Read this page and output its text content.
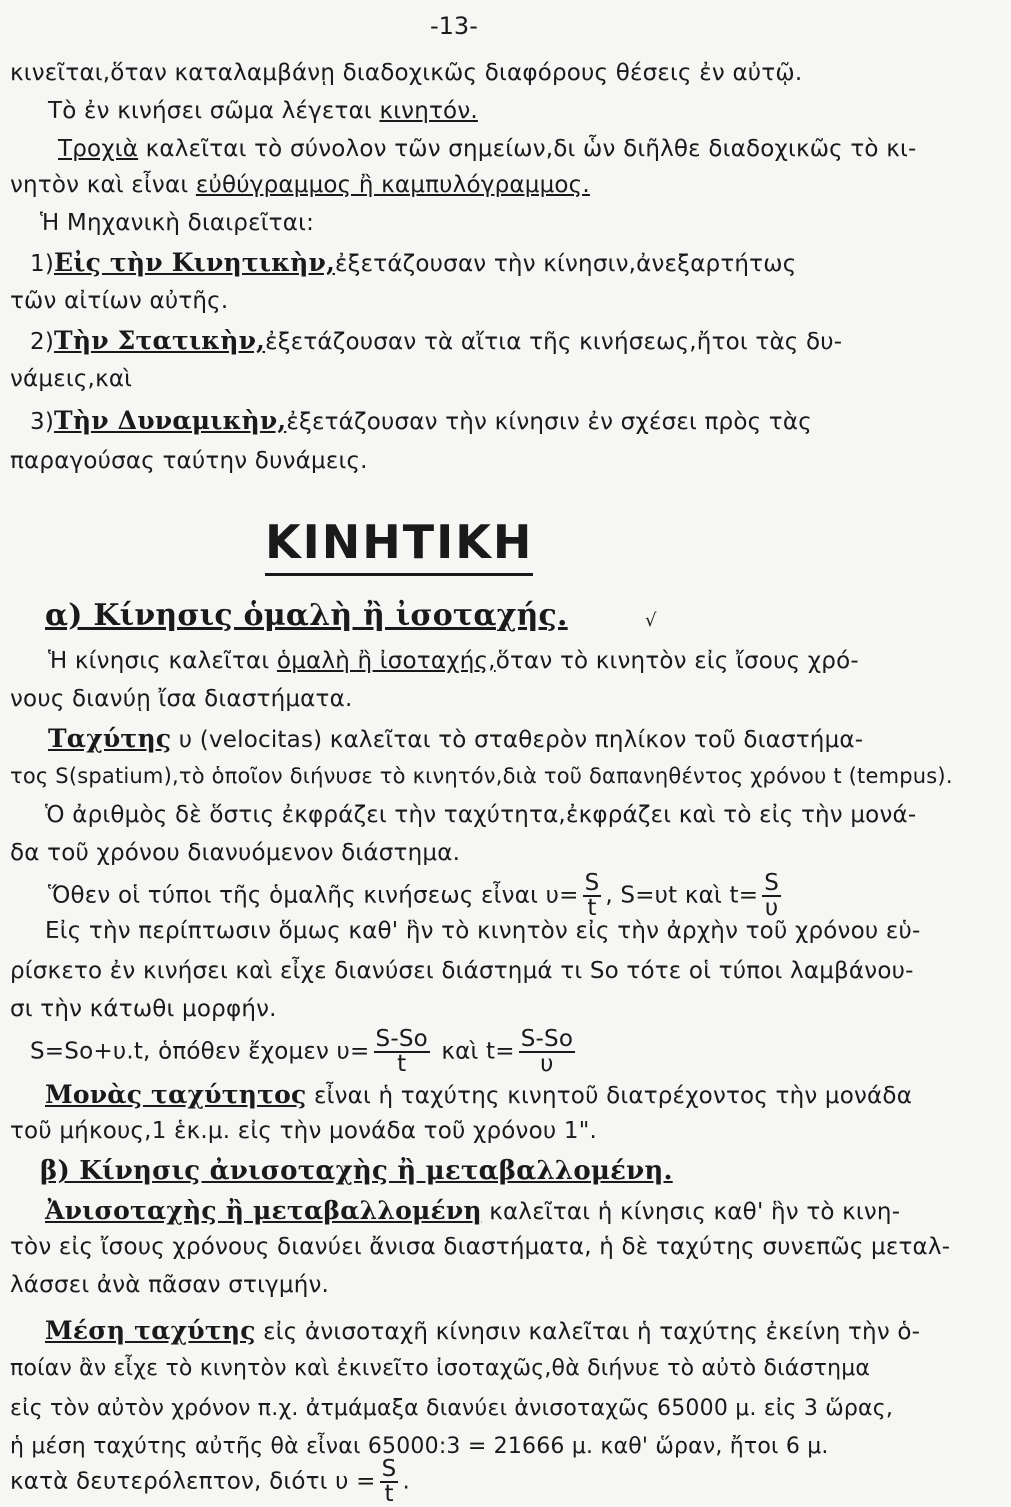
-13-
κινεῖται,ὅταν καταλαμβάνῃ διαδοχικῶς διαφόρους θέσεις ἐν αὐτῷ.
Τὸ ἐν κινήσει σῶμα λέγεται κινητόν.
Τροχιὰ καλεῖται τὸ σύνολον τῶν σημείων,δι ὧν διῆλθε διαδοχικῶς τὸ κι-
νητὸν καὶ εἶναι εὐθύγραμμος ἢ καμπυλόγραμμος.
Ἡ Μηχανικὴ διαιρεῖται:
1)Εἰς τὴν Κινητικὴν,ἐξετάζουσαν τὴν κίνησιν,ἀνεξαρτήτως
τῶν αἰτίων αὐτῆς.
2)Τὴν Στατικὴν,ἐξετάζουσαν τὰ αἴτια τῆς κινήσεως,ἤτοι τὰς δυ-
νάμεις,καὶ
3)Τὴν Δυναμικὴν,ἐξετάζουσαν τὴν κίνησιν ἐν σχέσει πρὸς τὰς
παραγούσας ταύτην δυνάμεις.
ΚΙΝΗΤΙΚΗ
α) Κίνησις ὁμαλὴ ἢ ἰσοταχής.	√
Ἡ κίνησις καλεῖται ὁμαλὴ ἢ ἰσοταχής,ὅταν τὸ κινητὸν εἰς ἴσους χρό-
νους διανύῃ ἴσα διαστήματα.
Ταχύτης υ (velocitas) καλεῖται τὸ σταθερὸν πηλίκον τοῦ διαστήμα-
τος S(spatium),τὸ ὁποῖον διήνυσε τὸ κινητόν,διὰ τοῦ δαπανηθέντος χρόνου t (tempus).
Ὁ ἀριθμὸς δὲ ὅστις ἐκφράζει τὴν ταχύτητα,ἐκφράζει καὶ τὸ εἰς τὴν μονά-
δα τοῦ χρόνου διανυόμενον διάστημα.
Ὅθεν οἱ τύποι τῆς ὁμαλῆς κινήσεως εἶναι $\upsilon= \frac{S}{t}$ , S=υt καὶ $t= \frac{S}{\upsilon}$
Εἰς τὴν περίπτωσιν ὅμως καθ' ἣν τὸ κινητὸν εἰς τὴν ἀρχὴν τοῦ χρόνου εὑ-
ρίσκετο ἐν κινήσει καὶ εἶχε διανύσει διάστημά τι So τότε οἱ τύποι λαμβάνου-
σι τὴν κάτωθι μορφήν.
S=So+υ.t, ὁπόθεν ἔχομεν $\upsilon= \frac{S-So}{t}$ καὶ $t= \frac{S-So}{\upsilon}$
Μονὰς ταχύτητος εἶναι ἡ ταχύτης κινητοῦ διατρέχοντος τὴν μονάδα
τοῦ μήκους,1 ἑκ.μ. εἰς τὴν μονάδα τοῦ χρόνου 1".
β) Κίνησις ἀνισοταχὴς ἢ μεταβαλλομένη.
Ἀνισοταχὴς ἢ μεταβαλλομένη καλεῖται ἡ κίνησις καθ' ἣν τὸ κινη-
τὸν εἰς ἴσους χρόνους διανύει ἄνισα διαστήματα, ἡ δὲ ταχύτης συνεπῶς μεταλ-
λάσσει ἀνὰ πᾶσαν στιγμήν.
Μέση ταχύτης εἰς ἀνισοταχῆ κίνησιν καλεῖται ἡ ταχύτης ἐκείνη τὴν ὁ-
ποίαν ἂν εἶχε τὸ κινητὸν καὶ ἐκινεῖτο ἰσοταχῶς,θὰ διήνυε τὸ αὐτὸ διάστημα
εἰς τὸν αὐτὸν χρόνον π.χ. ἀτμάμαξα διανύει ἀνισοταχῶς 65000 μ. εἰς 3 ὥρας,
ἡ μέση ταχύτης αὐτῆς θὰ εἶναι 65000:3 = 21666 μ. καθ' ὥραν, ἤτοι 6 μ.
κατὰ δευτερόλεπτον, διότι $\upsilon = \frac{S}{t}$ .
